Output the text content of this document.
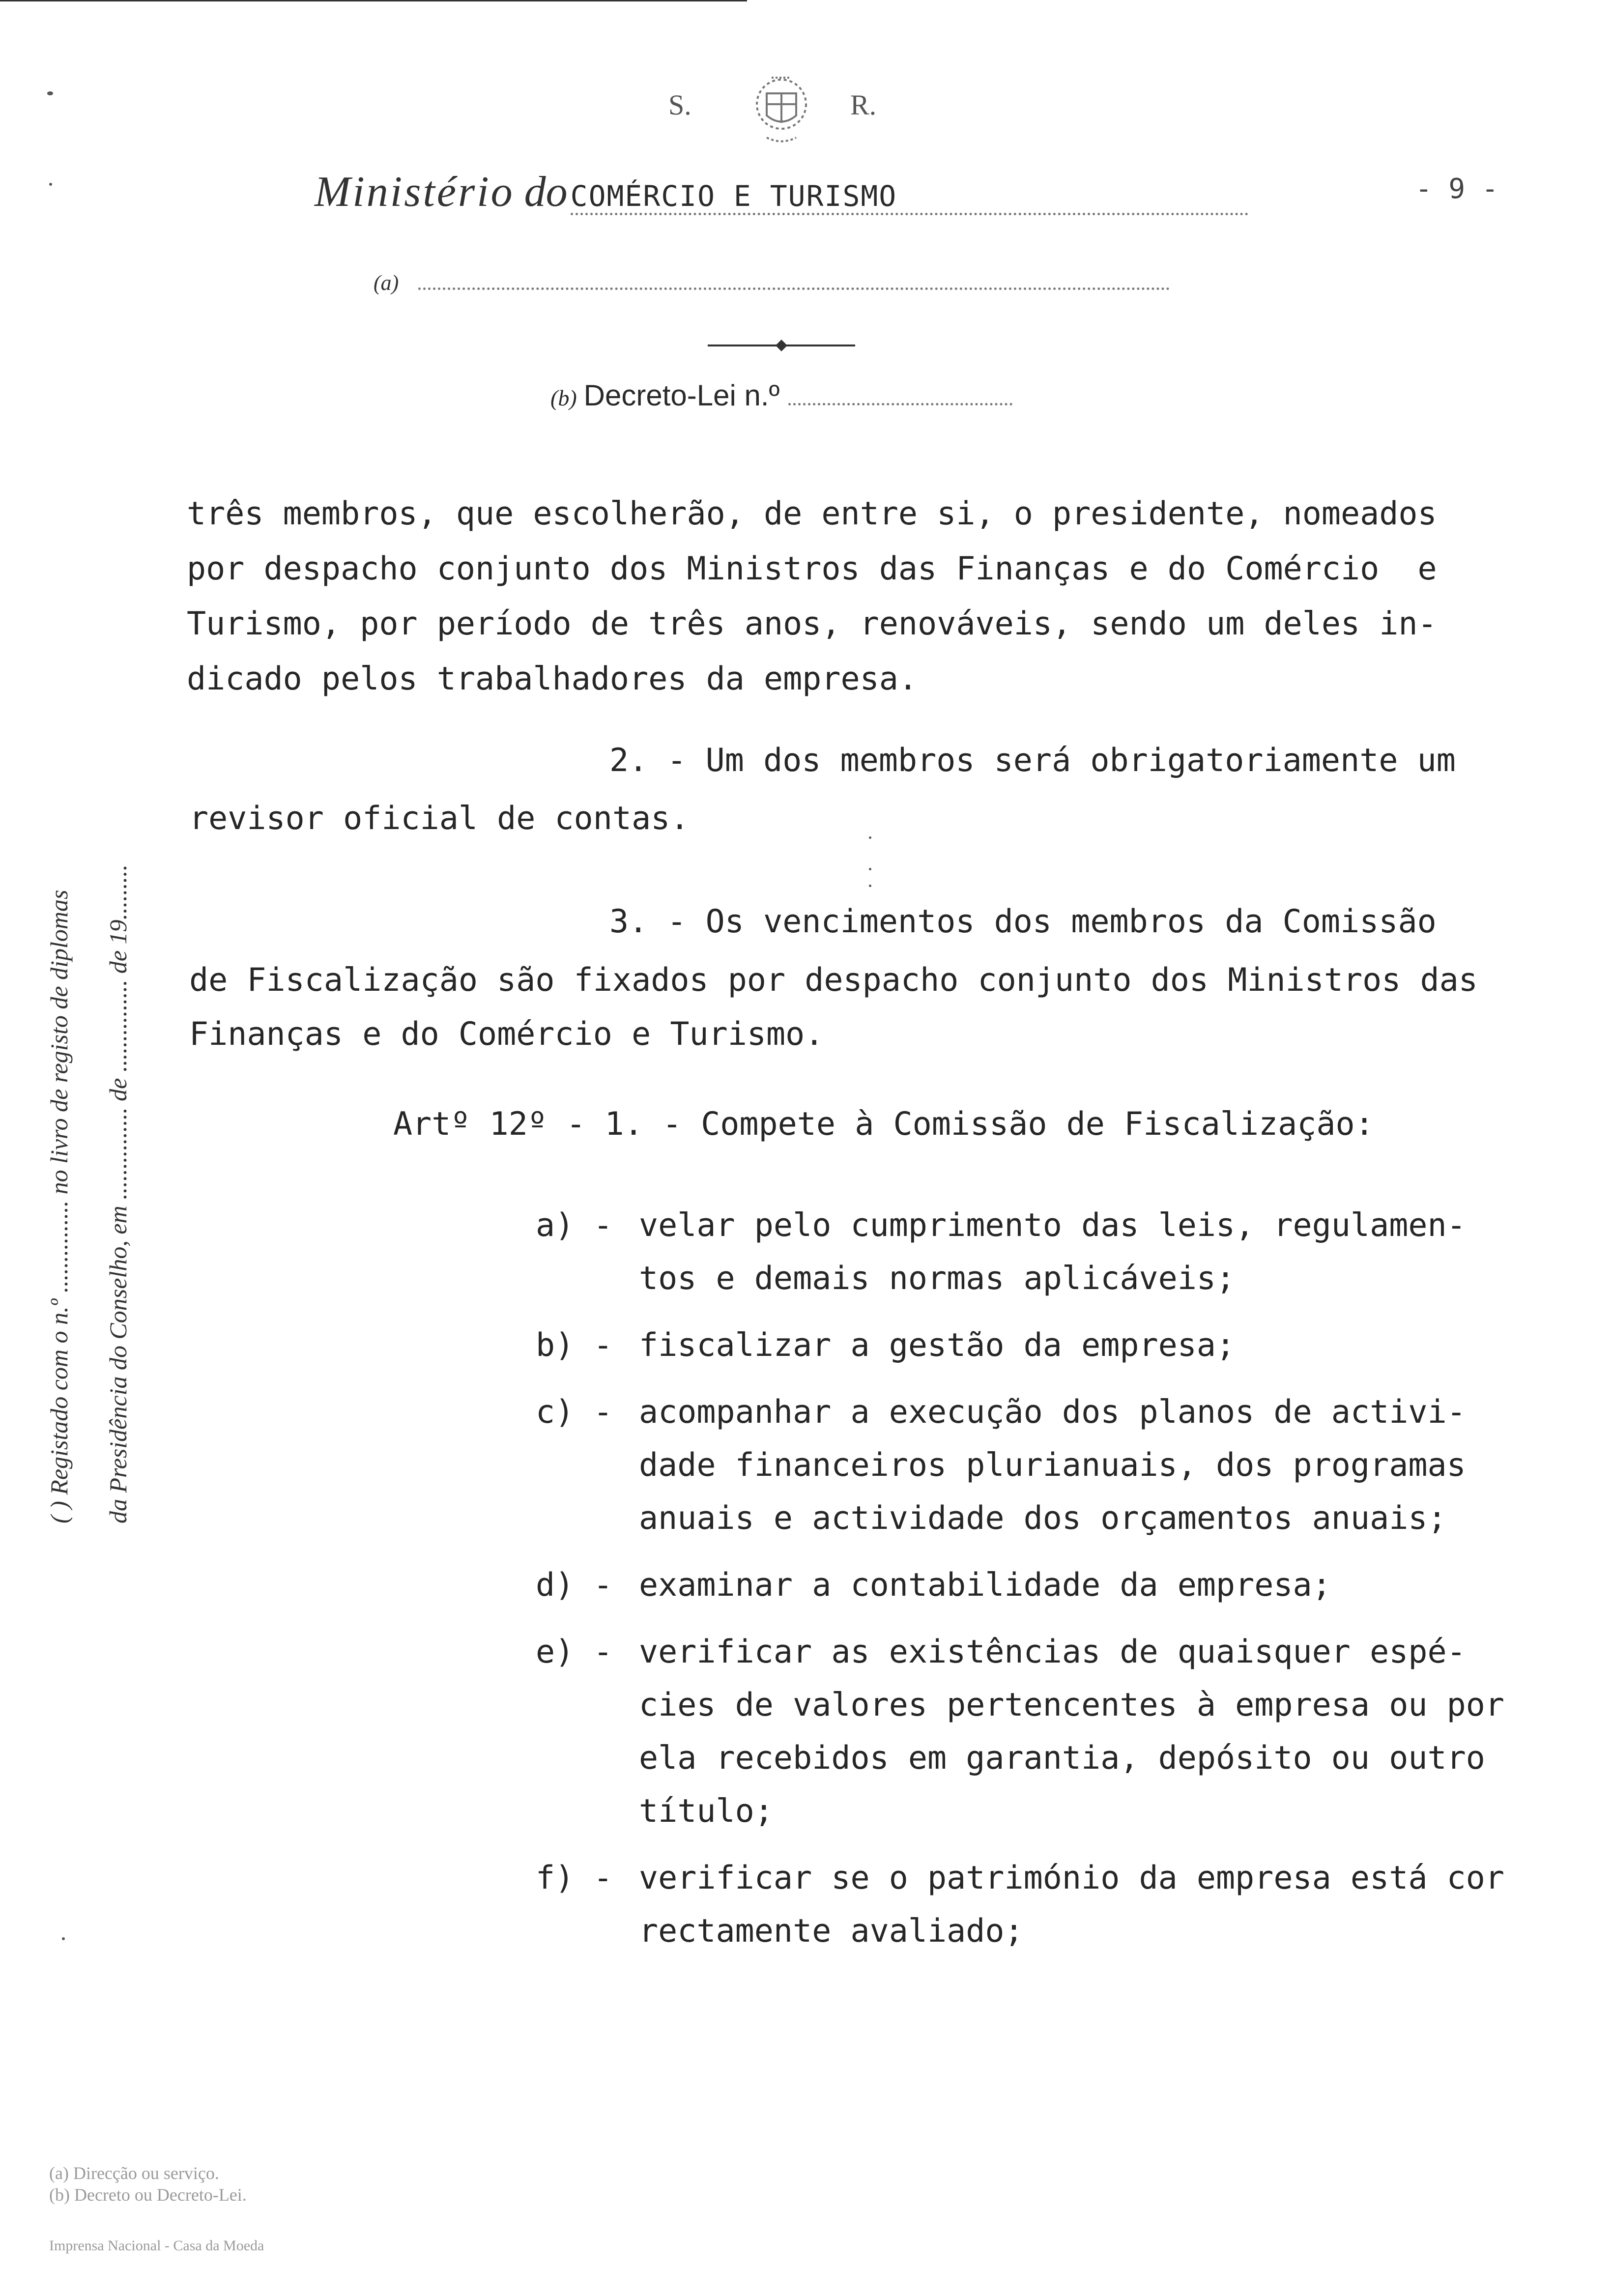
S.	R.
Ministério do COMÉRCIO E TURISMO	- 9 -
(a)
(b) Decreto-Lei n.º
( ) Registado com o n.º ............... no livro de registo de diplomas	da Presidência do Conselho, em ............... de ............... de 19.........
três membros, que escolherão, de entre si, o presidente, nomeados
por despacho conjunto dos Ministros das Finanças e do Comércio  e
Turismo, por período de três anos, renováveis, sendo um deles in-
dicado pelos trabalhadores da empresa.
2. - Um dos membros será obrigatoriamente um
revisor oficial de contas.
3. - Os vencimentos dos membros da Comissão
de Fiscalização são fixados por despacho conjunto dos Ministros das
Finanças e do Comércio e Turismo.
Artº 12º - 1. - Compete à Comissão de Fiscalização:
a) - velar pelo cumprimento das leis, regulamen-
tos e demais normas aplicáveis;
b) - fiscalizar a gestão da empresa;
c) - acompanhar a execução dos planos de activi-
dade financeiros plurianuais, dos programas
anuais e actividade dos orçamentos anuais;
d) - examinar a contabilidade da empresa;
e) - verificar as existências de quaisquer espé-
cies de valores pertencentes à empresa ou por
ela recebidos em garantia, depósito ou outro
título;
f) - verificar se o património da empresa está cor
rectamente avaliado;
(a) Direcção ou serviço.
(b) Decreto ou Decreto-Lei.
Imprensa Nacional - Casa da Moeda
